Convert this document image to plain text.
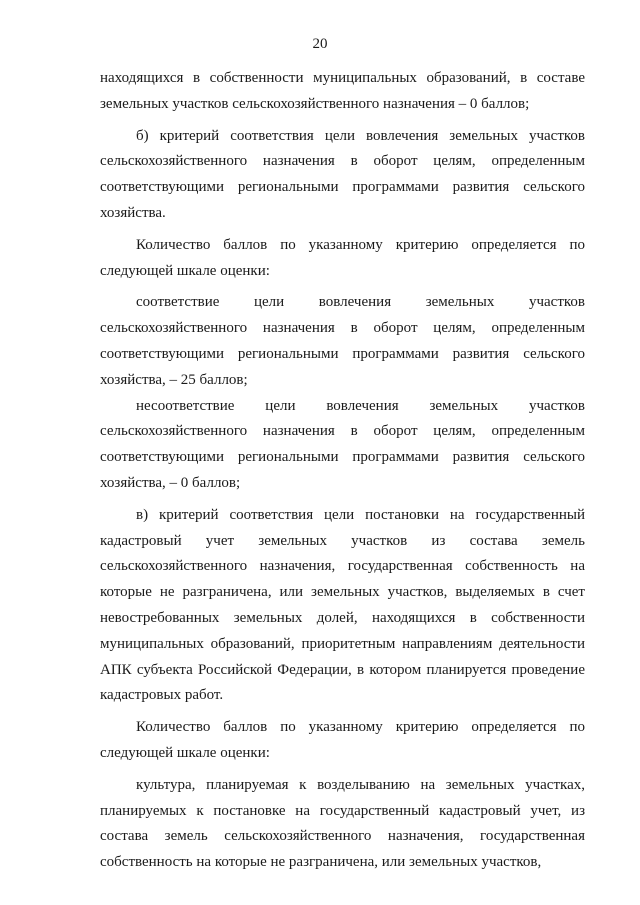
20

находящихся в собственности муниципальных образований, в составе земельных участков сельскохозяйственного назначения – 0 баллов;

б) критерий соответствия цели вовлечения земельных участков сельскохозяйственного назначения в оборот целям, определенным соответствующими региональными программами развития сельского хозяйства.

Количество баллов по указанному критерию определяется по следующей шкале оценки:

соответствие цели вовлечения земельных участков сельскохозяйственного назначения в оборот целям, определенным соответствующими региональными программами развития сельского хозяйства, – 25 баллов;

несоответствие цели вовлечения земельных участков сельскохозяйственного назначения в оборот целям, определенным соответствующими региональными программами развития сельского хозяйства, – 0 баллов;

в) критерий соответствия цели постановки на государственный кадастровый учет земельных участков из состава земель сельскохозяйственного назначения, государственная собственность на которые не разграничена, или земельных участков, выделяемых в счет невостребованных земельных долей, находящихся в собственности муниципальных образований, приоритетным направлениям деятельности АПК субъекта Российской Федерации, в котором планируется проведение кадастровых работ.

Количество баллов по указанному критерию определяется по следующей шкале оценки:

культура, планируемая к возделыванию на земельных участках, планируемых к постановке на государственный кадастровый учет, из состава земель сельскохозяйственного назначения, государственная собственность на которые не разграничена, или земельных участков,
